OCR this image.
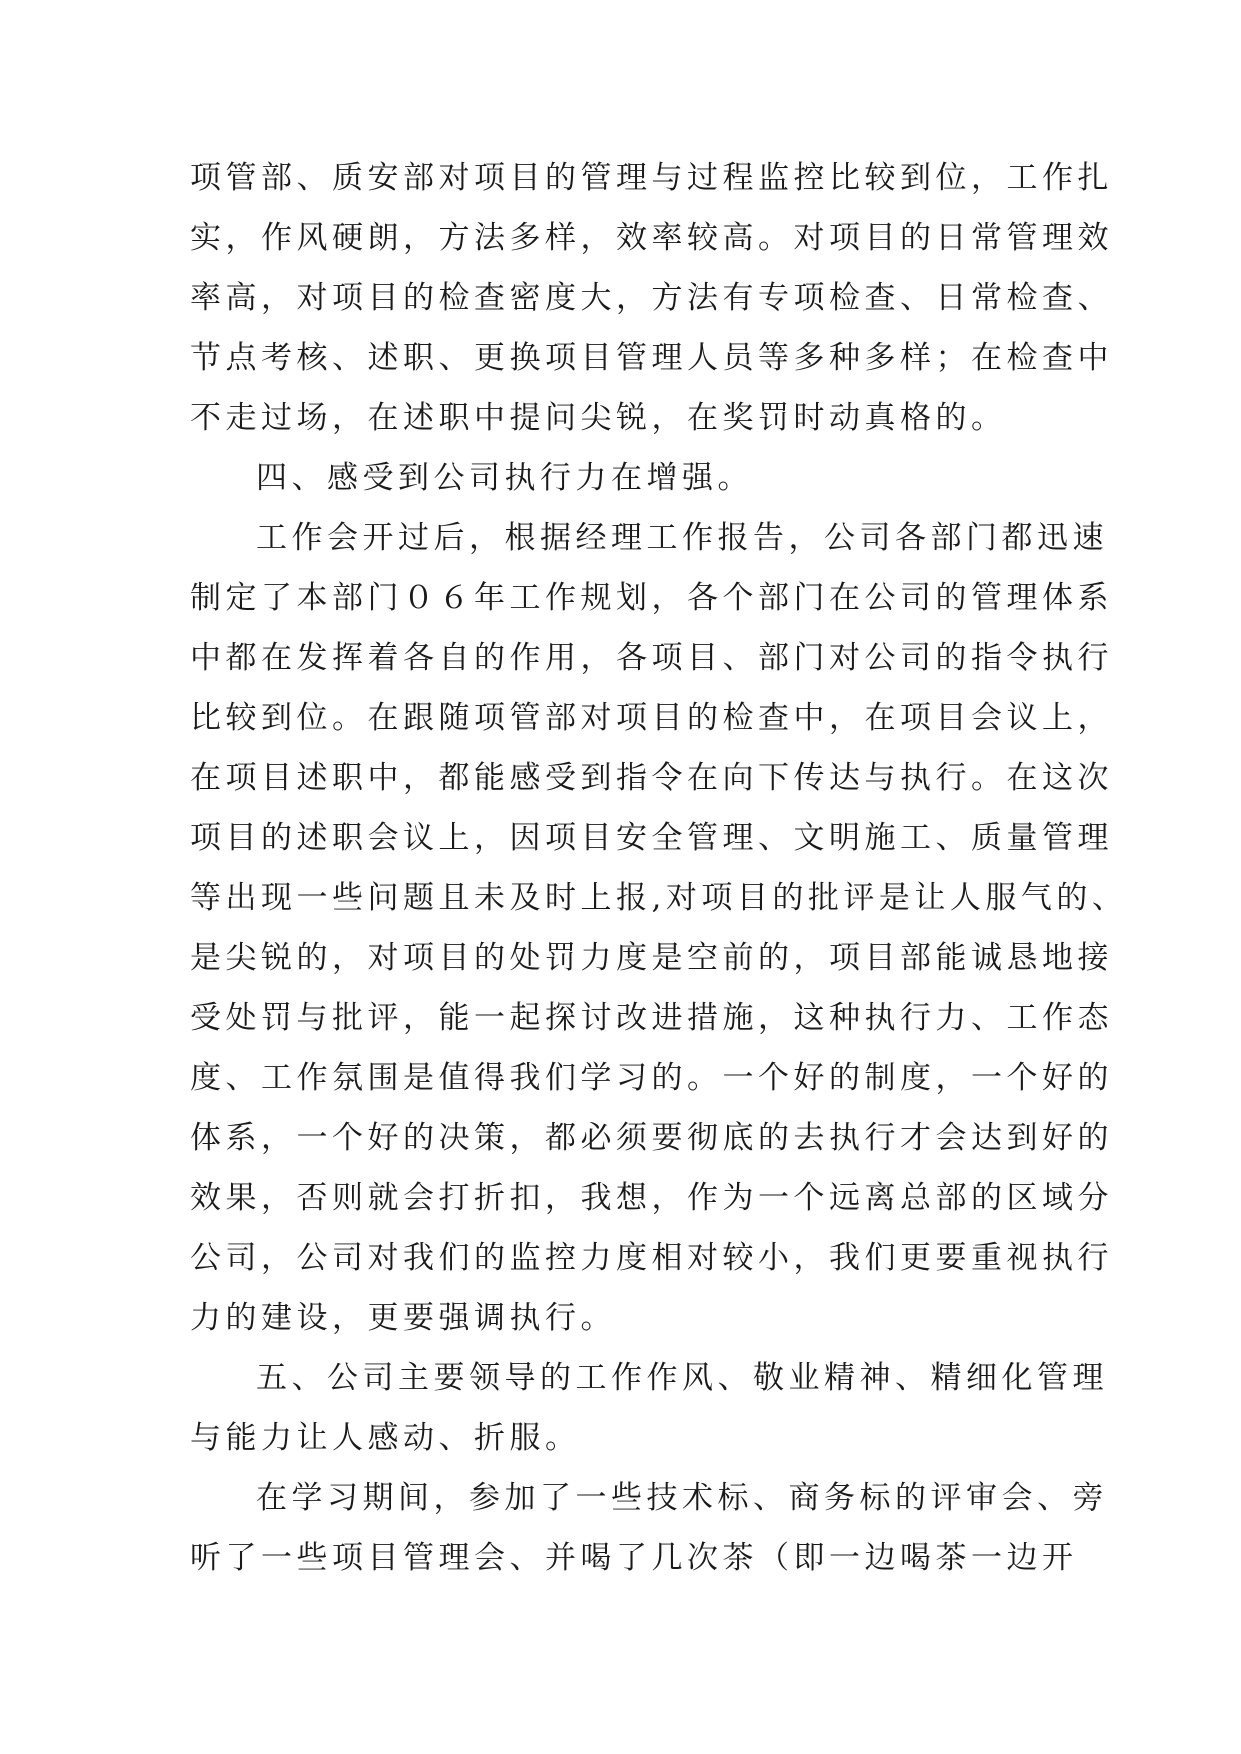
项管部、质安部对项目的管理与过程监控比较到位，工作扎
实，作风硬朗，方法多样，效率较高。对项目的日常管理效
率高，对项目的检查密度大，方法有专项检查、日常检查、
节点考核、述职、更换项目管理人员等多种多样；在检查中
不走过场，在述职中提问尖锐，在奖罚时动真格的。
四、感受到公司执行力在增强。
工作会开过后，根据经理工作报告，公司各部门都迅速
制定了本部门０６年工作规划，各个部门在公司的管理体系
中都在发挥着各自的作用，各项目、部门对公司的指令执行
比较到位。在跟随项管部对项目的检查中，在项目会议上，
在项目述职中，都能感受到指令在向下传达与执行。在这次
项目的述职会议上，因项目安全管理、文明施工、质量管理
等出现一些问题且未及时上报,对项目的批评是让人服气的、
是尖锐的，对项目的处罚力度是空前的，项目部能诚恳地接
受处罚与批评，能一起探讨改进措施，这种执行力、工作态
度、工作氛围是值得我们学习的。一个好的制度，一个好的
体系，一个好的决策，都必须要彻底的去执行才会达到好的
效果，否则就会打折扣，我想，作为一个远离总部的区域分
公司，公司对我们的监控力度相对较小，我们更要重视执行
力的建设，更要强调执行。
五、公司主要领导的工作作风、敬业精神、精细化管理
与能力让人感动、折服。
在学习期间，参加了一些技术标、商务标的评审会、旁
听了一些项目管理会、并喝了几次茶（即一边喝茶一边开
